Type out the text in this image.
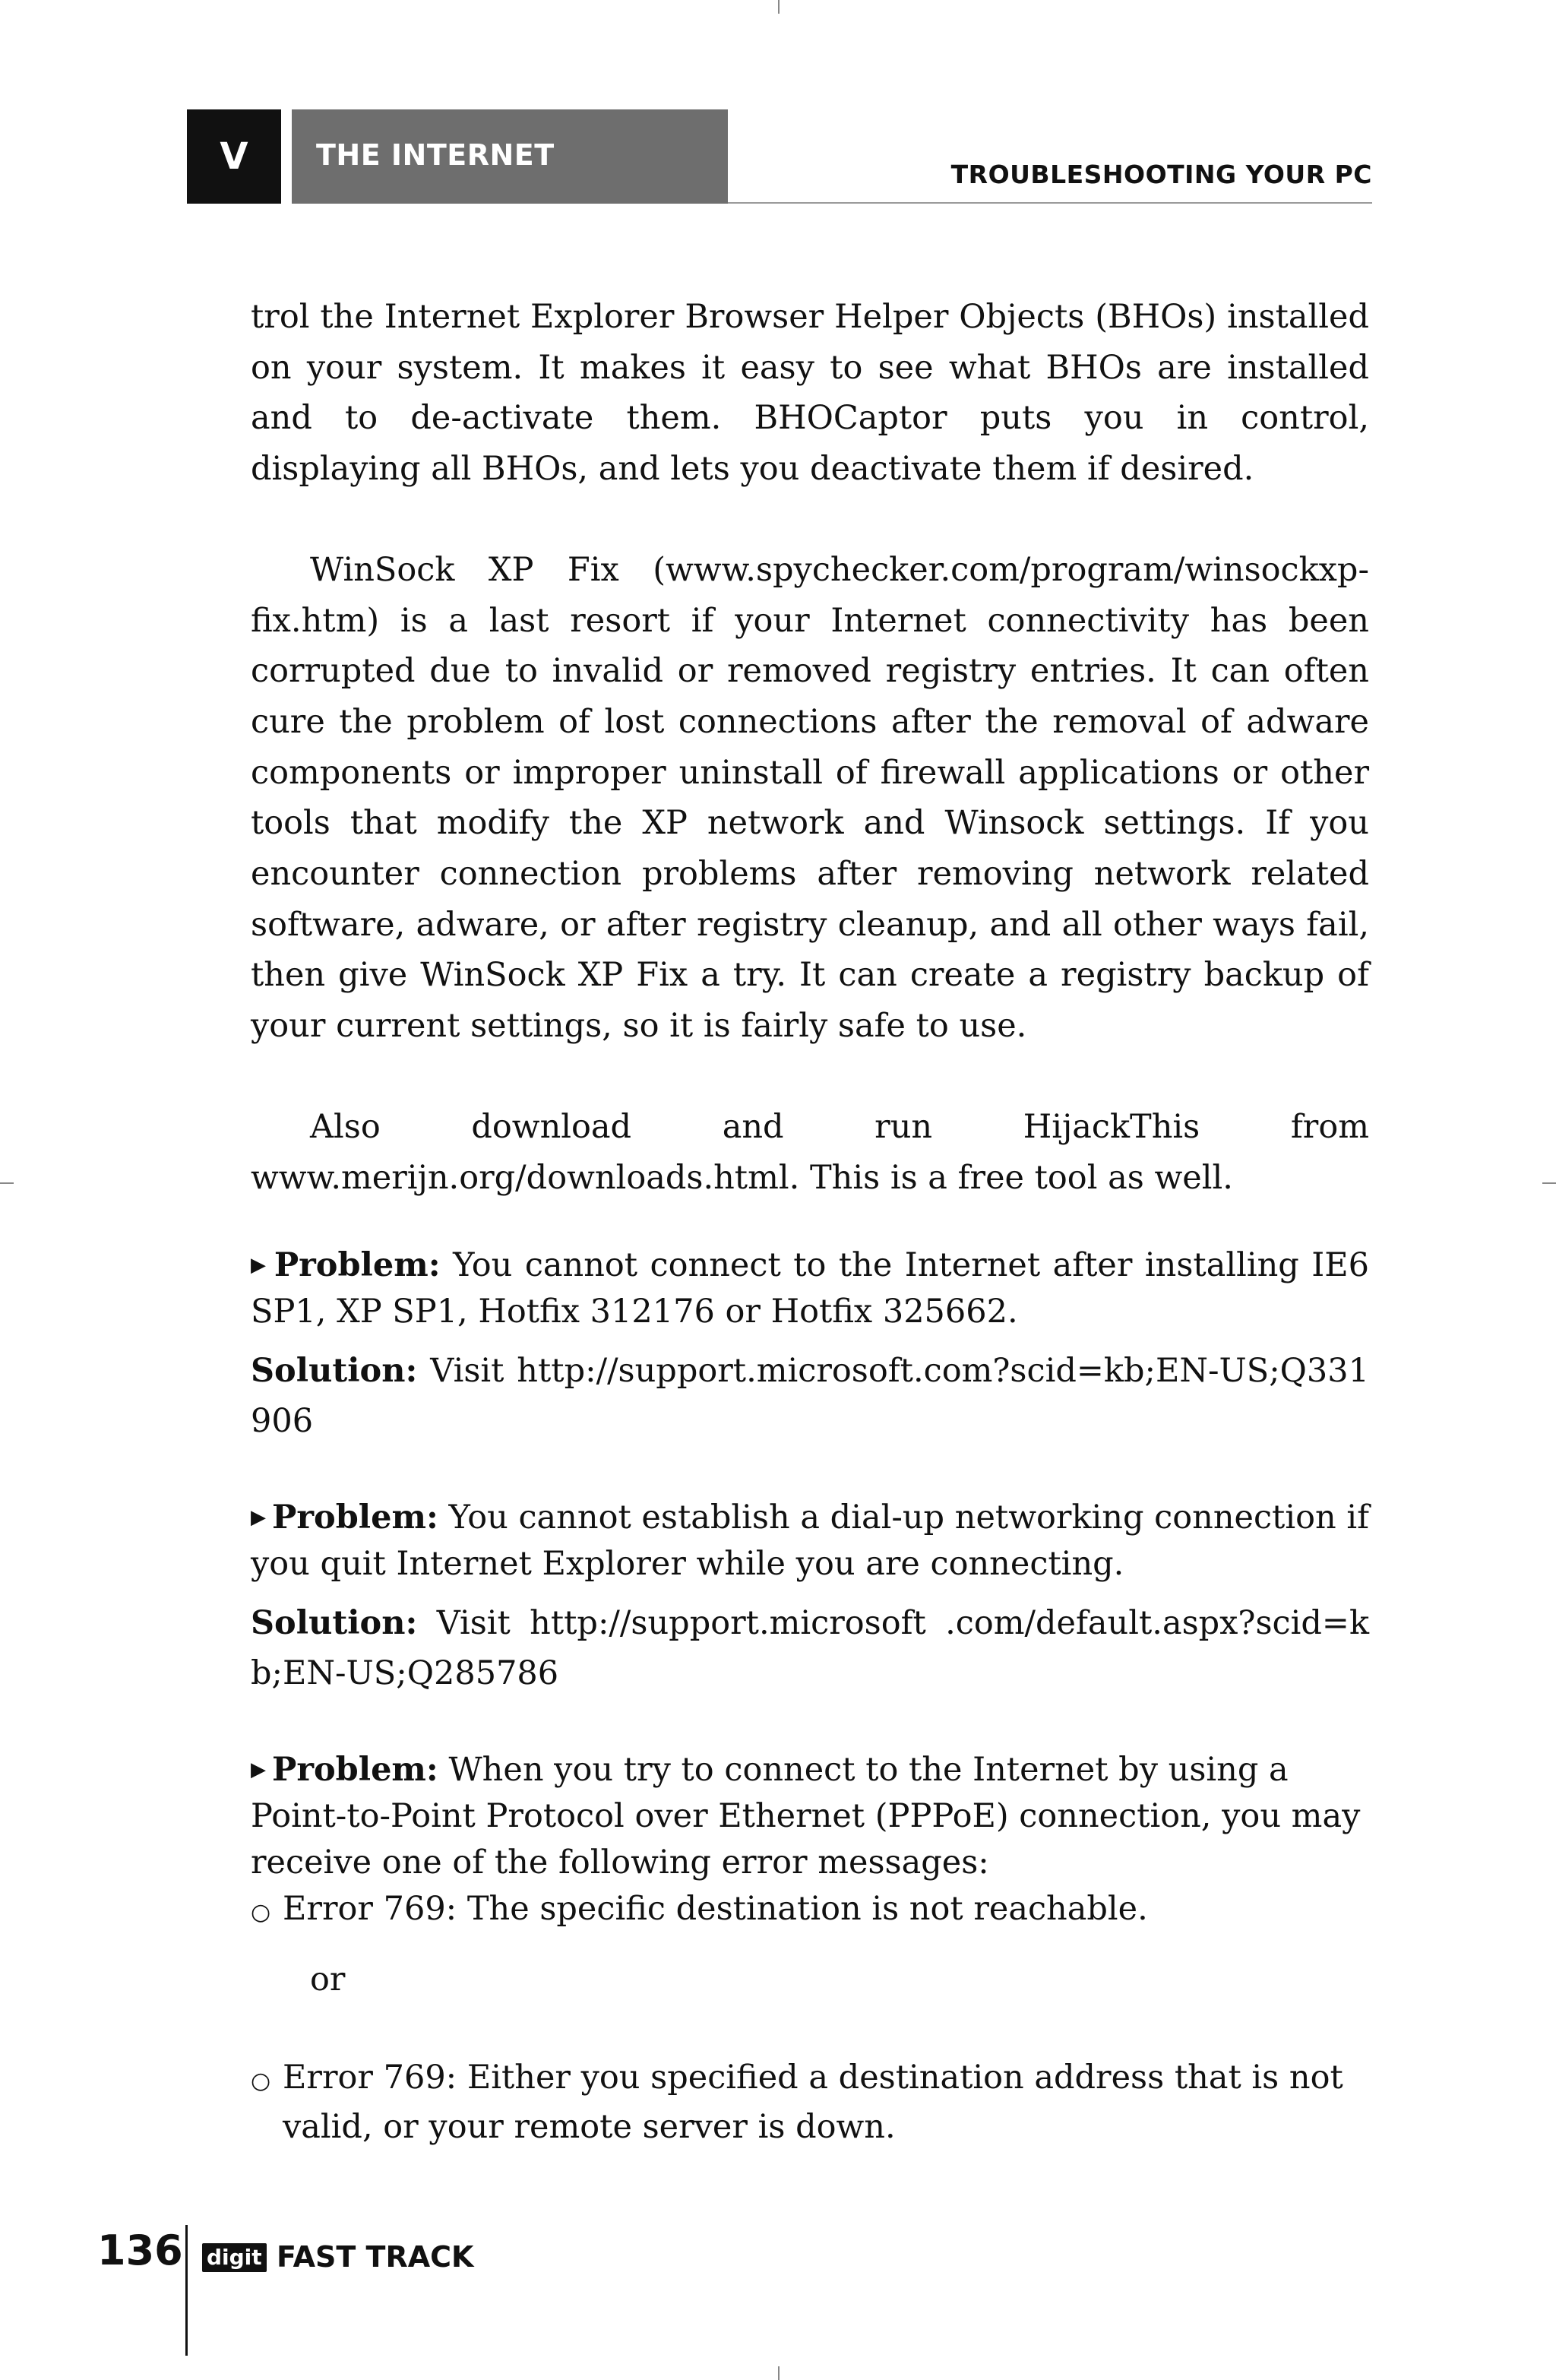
V	THE INTERNET
TROUBLESHOOTING YOUR PC

trol the Internet Explorer Browser Helper Objects (BHOs) installed on your system. It makes it easy to see what BHOs are installed and to de-activate them. BHOCaptor puts you in control, displaying all BHOs, and lets you deactivate them if desired.

WinSock XP Fix (www.spychecker.com/program/winsockxp-fix.htm) is a last resort if your Internet connectivity has been corrupted due to invalid or removed registry entries. It can often cure the problem of lost connections after the removal of adware components or improper uninstall of firewall applications or other tools that modify the XP network and Winsock settings. If you encounter connection problems after removing network related software, adware, or after registry cleanup, and all other ways fail, then give WinSock XP Fix a try. It can create a registry backup of your current settings, so it is fairly safe to use.

Also download and run HijackThis from www.merijn.org/downloads.html. This is a free tool as well.

▶ Problem: You cannot connect to the Internet after installing IE6 SP1, XP SP1, Hotfix 312176 or Hotfix 325662.

Solution: Visit http://support.microsoft.com?scid=kb;EN-US;Q331906

▶ Problem: You cannot establish a dial-up networking connection if you quit Internet Explorer while you are connecting.

Solution: Visit http://support.microsoft .com/default.aspx?scid=kb;EN-US;Q285786

▶ Problem: When you try to connect to the Internet by using a Point-to-Point Protocol over Ethernet (PPPoE) connection, you may receive one of the following error messages:

○ Error 769: The specific destination is not reachable.

or

○ Error 769: Either you specified a destination address that is not valid, or your remote server is down.

136 digit FAST TRACK
